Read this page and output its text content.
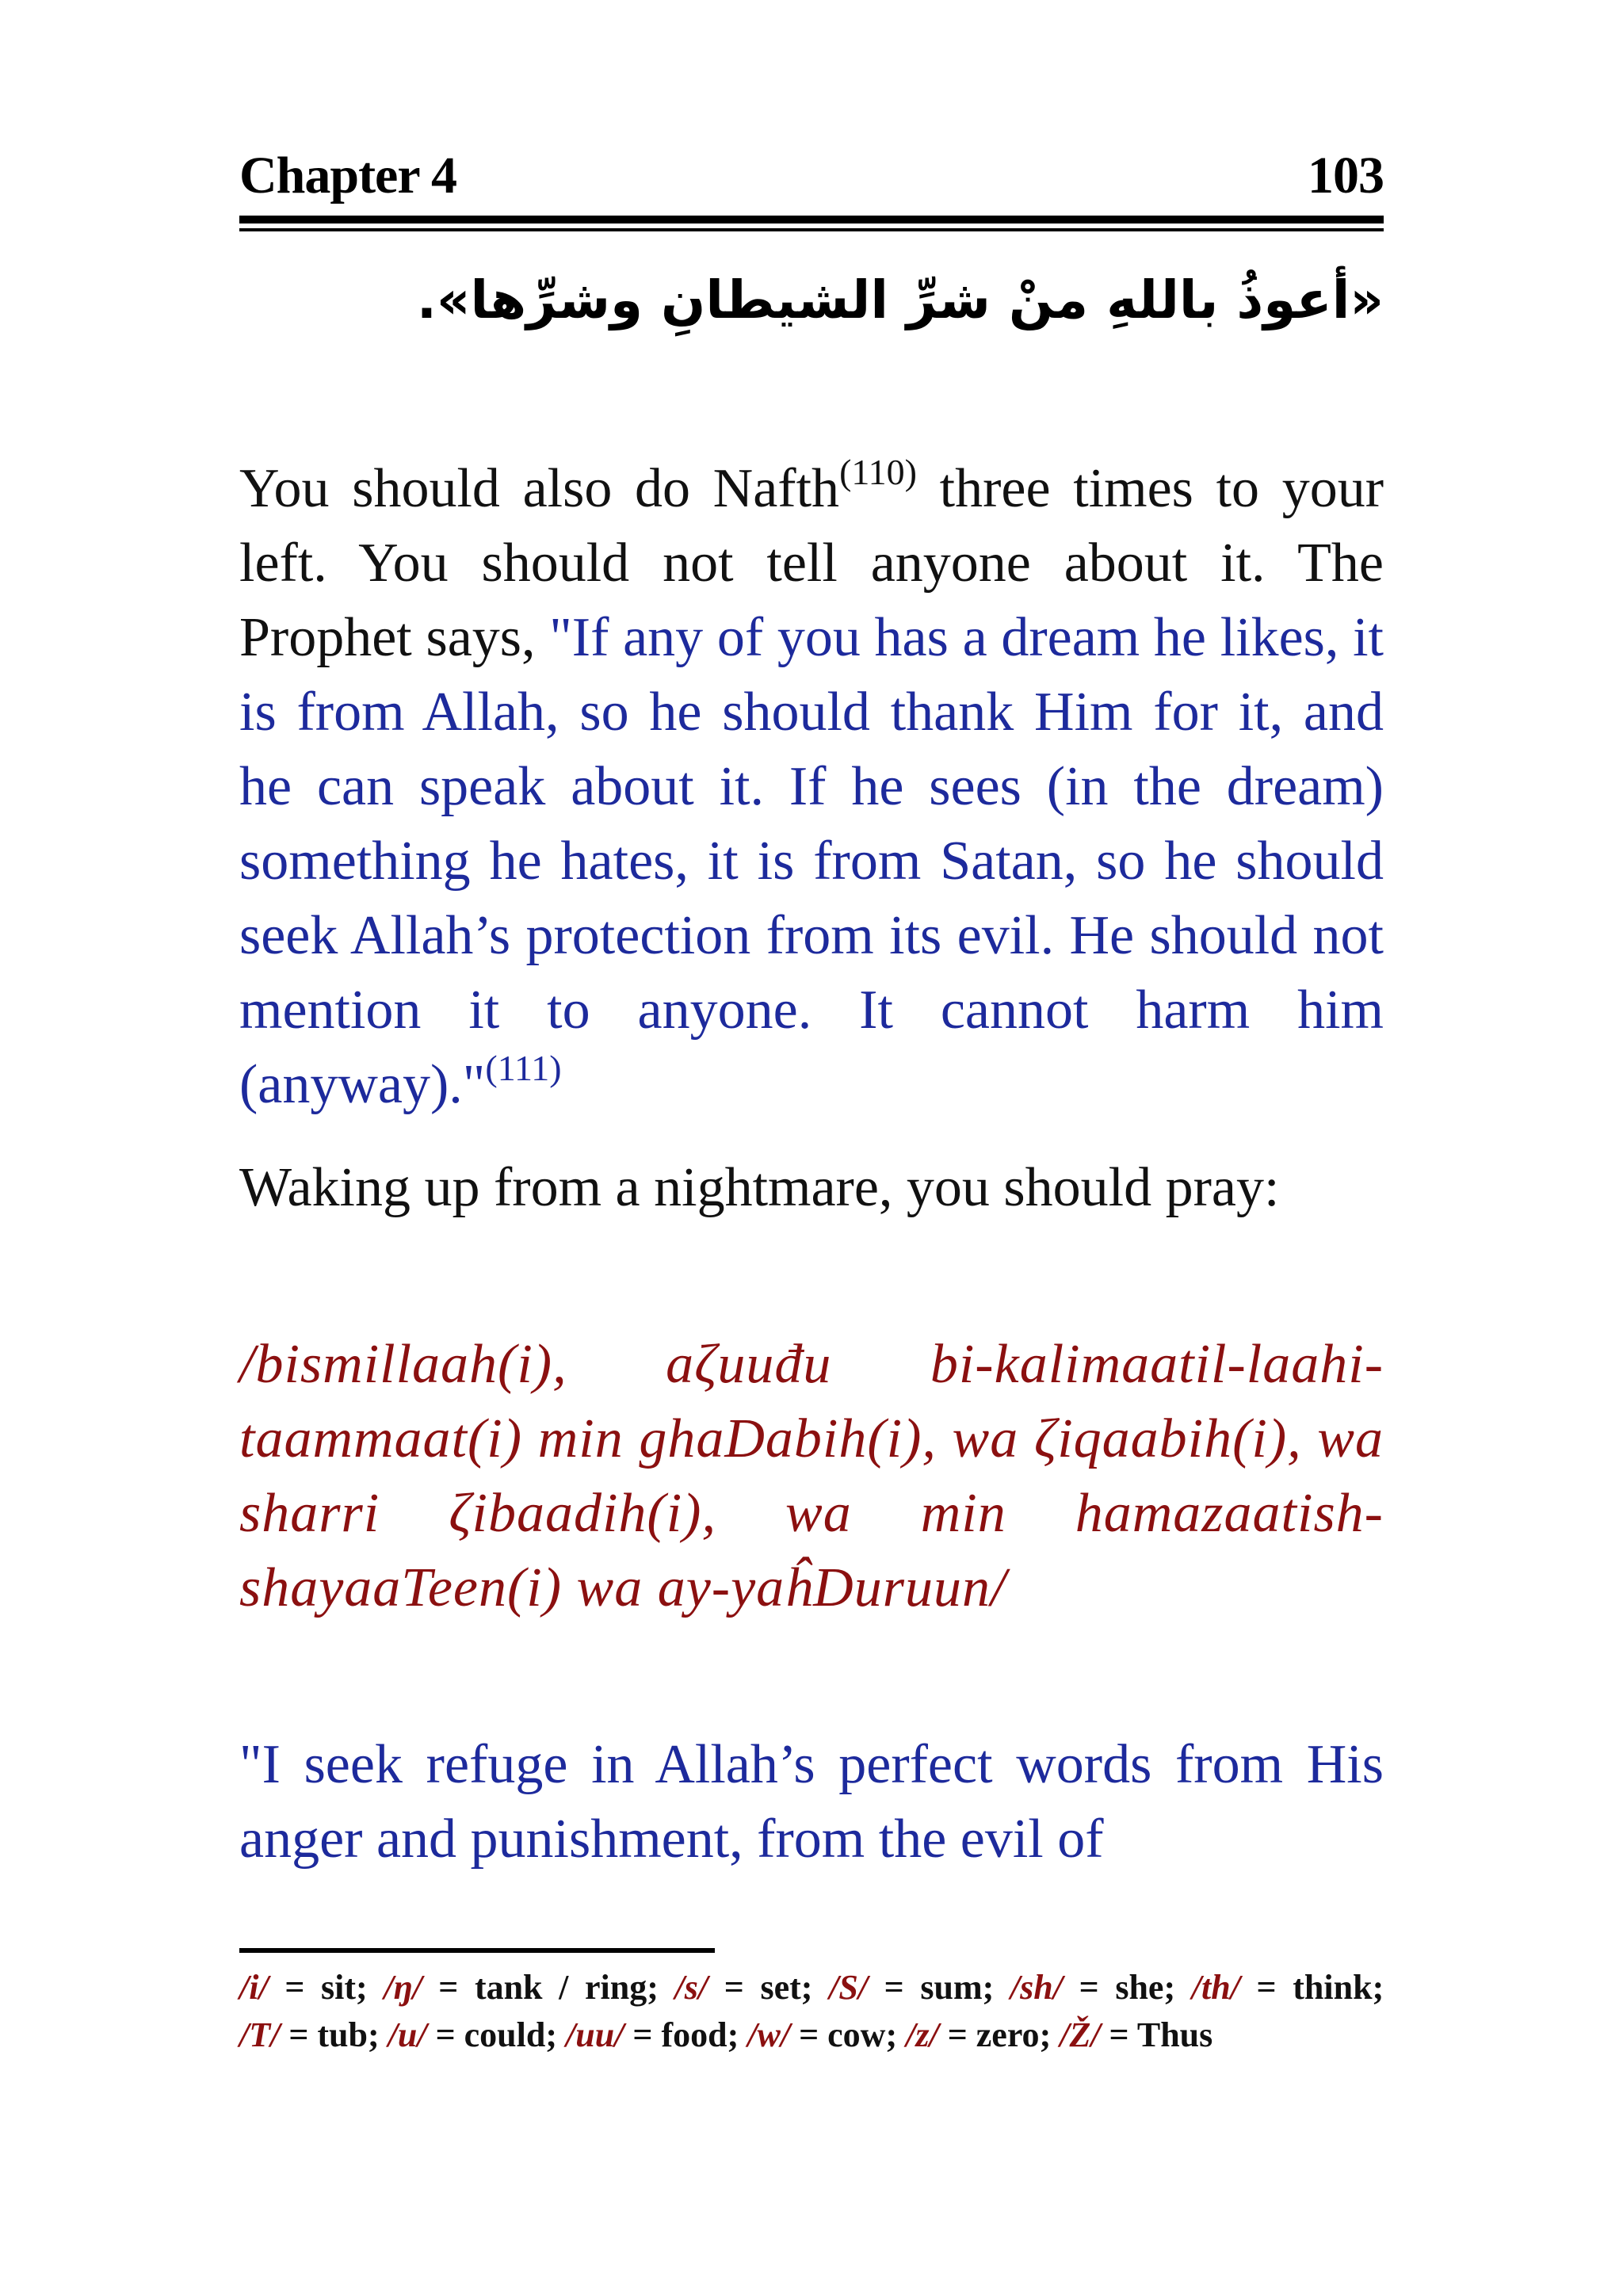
Chapter 4	103
«أعوذُ باللهِ منْ شرِّ الشيطانِ وشرِّها».

You should also do Nafth$^{(110)}$ three times to your left. You should not tell anyone about it. The Prophet says, "If any of you has a dream he likes, it is from Allah, so he should thank Him for it, and he can speak about it. If he sees (in the dream) something he hates, it is from Satan, so he should seek Allah’s protection from its evil. He should not mention it to anyone. It cannot harm him (anyway)."$^{(111)}$

Waking up from a nightmare, you should pray:

/bismillaah(i), aζuuđu bi-kalimaatil-laahi-taammaat(i) min ghaDabih(i), wa ζiqaabih(i), wa sharri ζibaadih(i), wa min hamazaatish-shayaaTeen(i) wa ay-yaĥDuruun/

"I seek refuge in Allah’s perfect words from His anger and punishment, from the evil of

/i/ = sit; /ŋ/ = tank / ring; /s/ = set; /S/ = sum; /sh/ = she; /th/ = think; /T/ = tub; /u/ = could; /uu/ = food; /w/ = cow; /z/ = zero; /Ž/ = Thus
